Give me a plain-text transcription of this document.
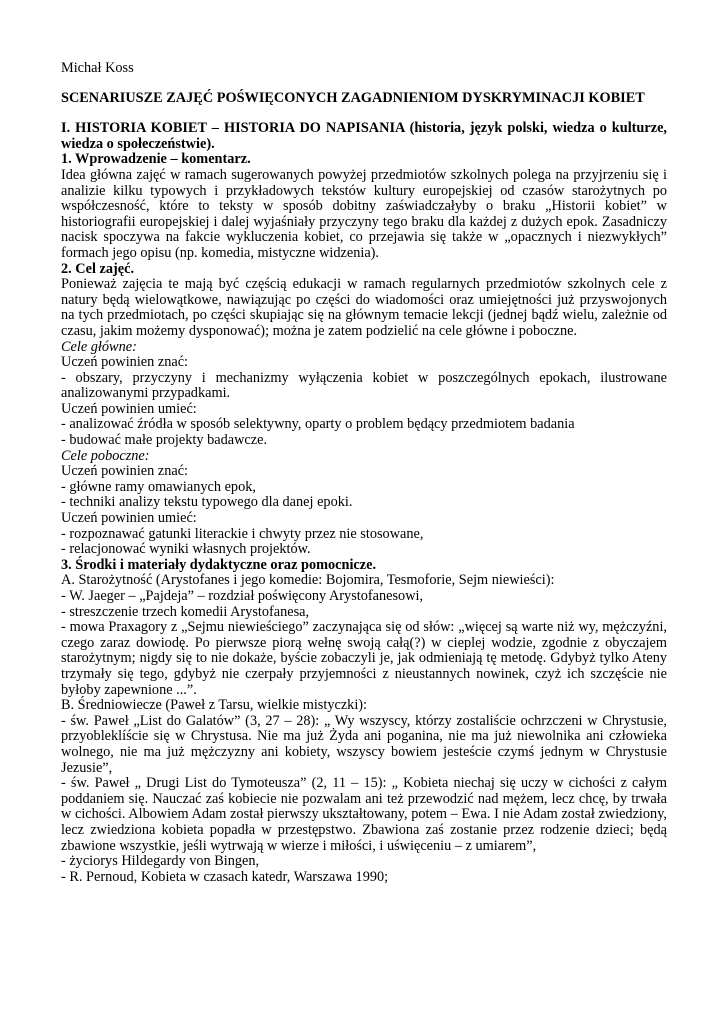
Michał Koss

SCENARIUSZE ZAJĘĆ POŚWIĘCONYCH ZAGADNIENIOM DYSKRYMINACJI KOBIET

I. HISTORIA KOBIET – HISTORIA DO NAPISANIA (historia, język polski, wiedza o kulturze, wiedza o społeczeństwie).

1. Wprowadzenie – komentarz.

Idea główna zajęć w ramach sugerowanych powyżej przedmiotów szkolnych polega na przyjrzeniu się i analizie kilku typowych i przykładowych tekstów kultury europejskiej od czasów starożytnych po współczesność, które to teksty w sposób dobitny zaświadczałyby o braku „Historii kobiet” w historiografii europejskiej i dalej wyjaśniały przyczyny tego braku dla każdej z dużych epok. Zasadniczy nacisk spoczywa na fakcie wykluczenia kobiet, co przejawia się także w „opacznych i niezwykłych” formach jego opisu (np. komedia, mistyczne widzenia).

2. Cel zajęć.

Ponieważ zajęcia te mają być częścią edukacji w ramach regularnych przedmiotów szkolnych cele z natury będą wielowątkowe, nawiązując po części do wiadomości oraz umiejętności już przyswojonych na tych przedmiotach, po części skupiając się na głównym temacie lekcji (jednej bądź wielu, zależnie od czasu, jakim możemy dysponować); można je zatem podzielić na cele główne i poboczne.

Cele główne:

Uczeń powinien znać:

- obszary, przyczyny i mechanizmy wyłączenia kobiet w poszczególnych epokach, ilustrowane analizowanymi przypadkami.

Uczeń powinien umieć:

- analizować źródła w sposób selektywny, oparty o problem będący przedmiotem badania

- budować małe projekty badawcze.

Cele poboczne:

Uczeń powinien znać:

- główne ramy omawianych epok,

- techniki analizy tekstu typowego dla danej epoki.

Uczeń powinien umieć:

- rozpoznawać gatunki literackie i chwyty przez nie stosowane,

- relacjonować wyniki własnych projektów.

3. Środki i materiały dydaktyczne oraz pomocnicze.

A. Starożytność (Arystofanes i jego komedie: Bojomira, Tesmoforie, Sejm niewieści):

- W. Jaeger – „Pajdeja” – rozdział poświęcony Arystofanesowi,

- streszczenie trzech komedii Arystofanesa,

- mowa Praxagory z „Sejmu niewieściego” zaczynająca się od słów: „więcej są warte niż wy, mężczyźni, czego zaraz dowiodę. Po pierwsze piorą wełnę swoją całą(?) w cieplej wodzie, zgodnie z obyczajem starożytnym; nigdy się to nie dokaże, byście zobaczyli je, jak odmieniają tę metodę. Gdybyż tylko Ateny trzymały się tego, gdybyż nie czerpały przyjemności z nieustannych nowinek, czyż ich szczęście nie byłoby zapewnione ...”.

B. Średniowiecze (Paweł z Tarsu, wielkie mistyczki):

- św. Paweł „List do Galatów” (3, 27 – 28): „ Wy wszyscy, którzy zostaliście ochrzczeni w Chrystusie, przyobleklíście się w Chrystusa. Nie ma już Żyda ani poganina, nie ma już niewolnika ani człowieka wolnego, nie ma już mężczyzny ani kobiety, wszyscy bowiem jesteście czymś jednym w Chrystusie Jezusie”,

- św. Paweł „ Drugi List do Tymoteusza” (2, 11 – 15): „ Kobieta niechaj się uczy w cichości z całym poddaniem się. Nauczać zaś kobiecie nie pozwalam ani też przewodzić nad mężem, lecz chcę, by trwała w cichości. Albowiem Adam został pierwszy ukształtowany, potem – Ewa. I nie Adam został zwiedziony, lecz zwiedziona kobieta popadła w przestępstwo. Zbawiona zaś zostanie przez rodzenie dzieci; będą zbawione wszystkie, jeśli wytrwają w wierze i miłości, i uświęceniu – z umiarem”,

- życiorys Hildegardy von Bingen,

- R. Pernoud, Kobieta w czasach katedr, Warszawa 1990;
